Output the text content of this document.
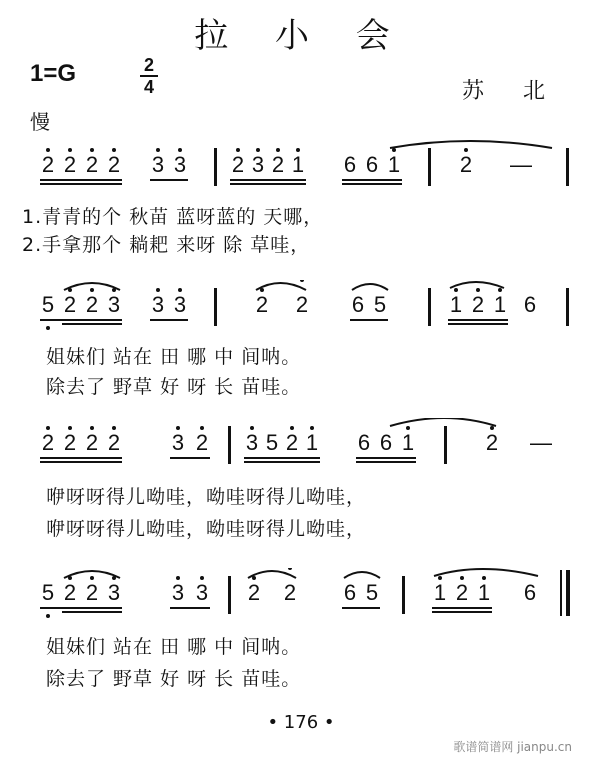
拉 小 会
1=G	2
4	苏 北
慢
2 2 2 2 3 3 2 3 2 1 6 6 1	2 —
1.青青的个 秋苗 蓝呀蓝的 天哪，
2.手拿那个 耥耙 来呀 除 草哇，
5 2 2 3 3 3	2 2 6 5	1 2 1 6
姐妹们 站在 田 哪 中 间呐。
除去了 野草 好 呀 长 苗哇。
2 2 2 2 3 2 3 5 2 1 6 6 1	2 —
咿呀呀得儿呦哇，呦哇呀得儿呦哇，
咿呀呀得儿呦哇，呦哇呀得儿呦哇，
5 2 2 3 3 3 2 2 6 5	1 2 1 6
姐妹们 站在 田 哪 中 间呐。
除去了 野草 好 呀 长 苗哇。
• 176 •
歌谱简谱网 jianpu.cn
